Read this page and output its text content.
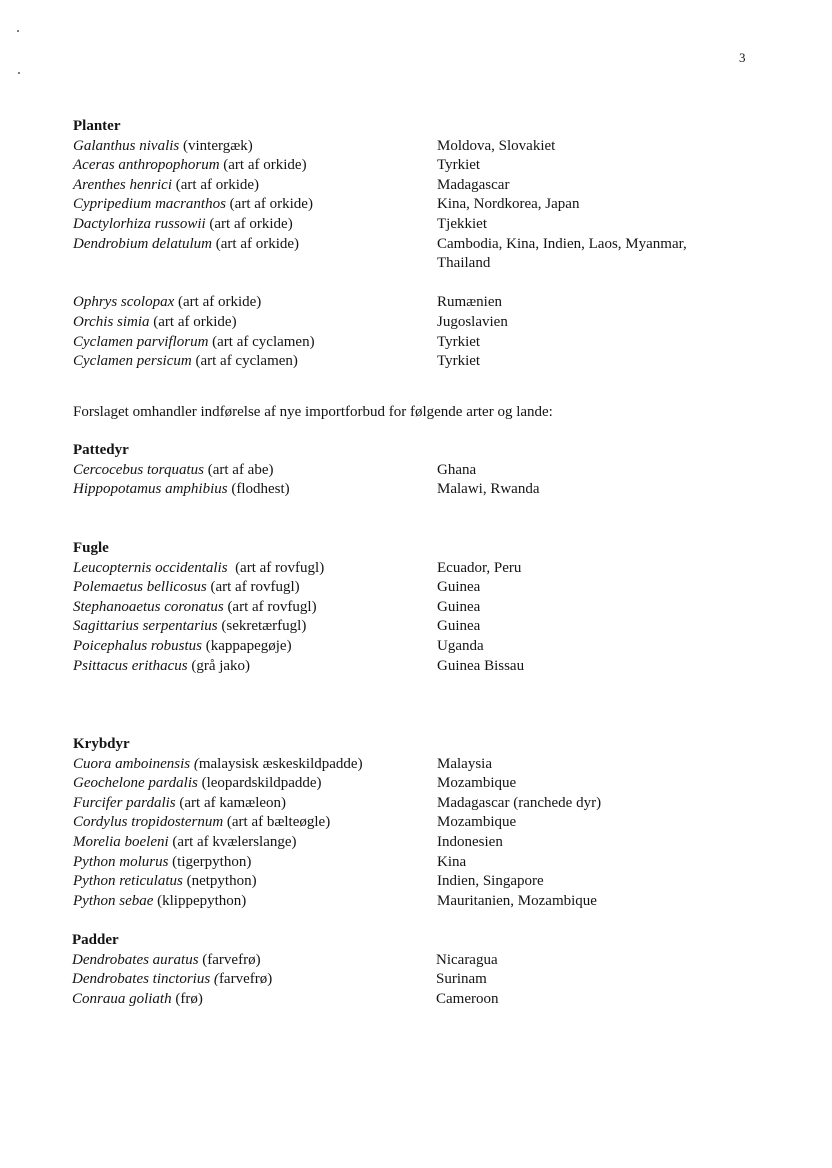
3
Planter
Galanthus nivalis (vintergæk)	Moldova, Slovakiet
Aceras anthropophorum (art af orkide)	Tyrkiet
Arenthes henrici (art af orkide)	Madagascar
Cypripedium macranthos (art af orkide)	Kina, Nordkorea, Japan
Dactylorhiza russowii (art af orkide)	Tjekkiet
Dendrobium delatulum (art af orkide)	Cambodia, Kina, Indien, Laos, Myanmar, Thailand
Ophrys scolopax (art af orkide)	Rumænien
Orchis simia (art af orkide)	Jugoslavien
Cyclamen parviflorum (art af cyclamen)	Tyrkiet
Cyclamen persicum (art af cyclamen)	Tyrkiet
Forslaget omhandler indførelse af nye importforbud for følgende arter og lande:
Pattedyr
Cercocebus torquatus (art af abe)	Ghana
Hippopotamus amphibius (flodhest)	Malawi, Rwanda
Fugle
Leucopternis occidentalis  (art af rovfugl)	Ecuador, Peru
Polemaetus bellicosus (art af rovfugl)	Guinea
Stephanoaetus coronatus (art af rovfugl)	Guinea
Sagittarius serpentarius (sekretærfugl)	Guinea
Poicephalus robustus (kappapegøje)	Uganda
Psittacus erithacus (grå jako)	Guinea Bissau
Krybdyr
Cuora amboinensis (malaysisk æskeskildpadde)	Malaysia
Geochelone pardalis (leopardskildpadde)	Mozambique
Furcifer pardalis (art af kamæleon)	Madagascar (ranchede dyr)
Cordylus tropidosternum (art af bælteøgle)	Mozambique
Morelia boeleni (art af kvælerslange)	Indonesien
Python molurus (tigerpython)	Kina
Python reticulatus (netpython)	Indien, Singapore
Python sebae (klippepython)	Mauritanien, Mozambique
Padder
Dendrobates auratus (farvefrø)	Nicaragua
Dendrobates tinctorius (farvefrø)	Surinam
Conraua goliath (frø)	Cameroon
